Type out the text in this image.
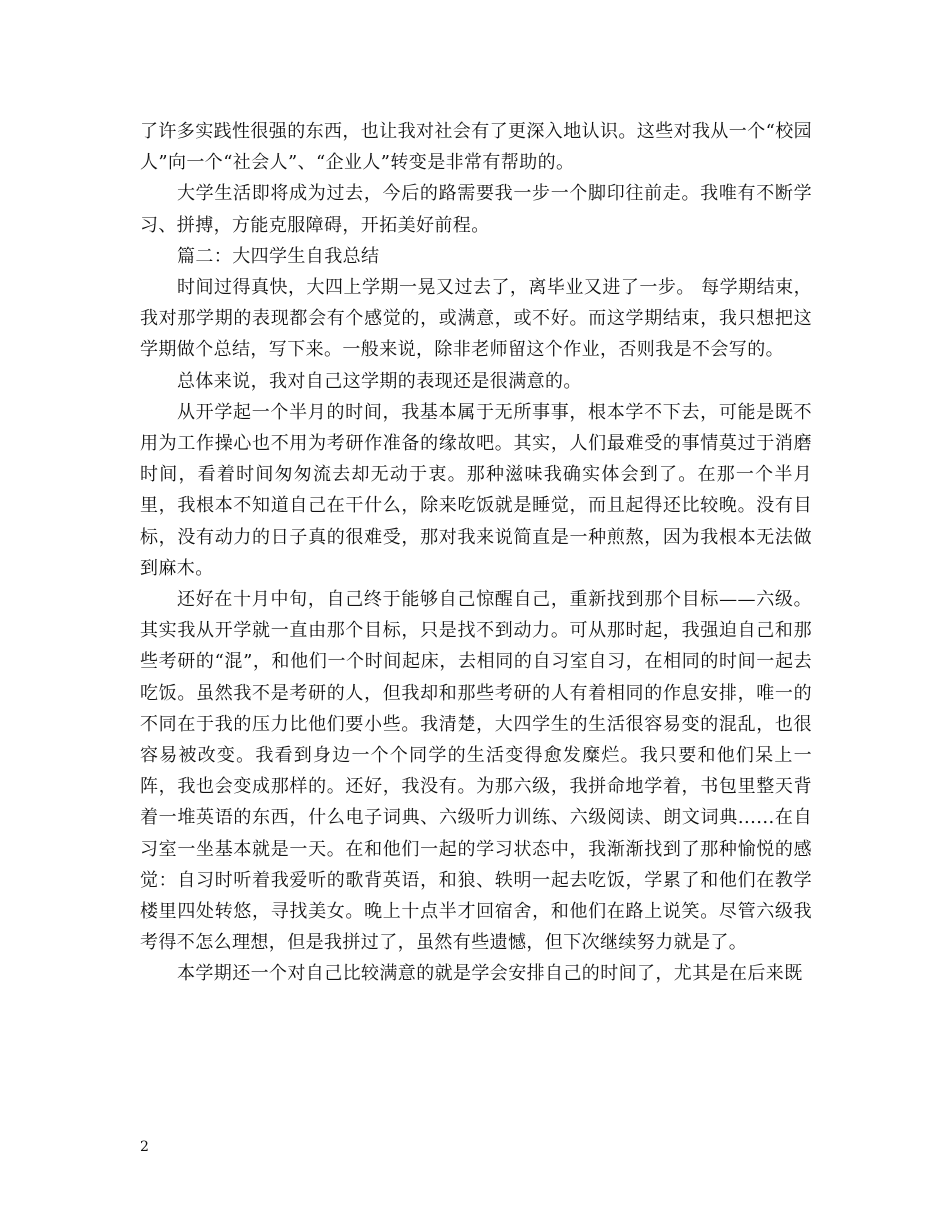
了许多实践性很强的东西，也让我对社会有了更深入地认识。这些对我从一个“校园人”向一个“社会人”、“企业人”转变是非常有帮助的。

大学生活即将成为过去，今后的路需要我一步一个脚印往前走。我唯有不断学习、拼搏，方能克服障碍，开拓美好前程。

篇二：大四学生自我总结

时间过得真快，大四上学期一晃又过去了，离毕业又进了一步。 每学期结束，我对那学期的表现都会有个感觉的，或满意，或不好。而这学期结束，我只想把这学期做个总结，写下来。一般来说，除非老师留这个作业，否则我是不会写的。

总体来说，我对自己这学期的表现还是很满意的。

从开学起一个半月的时间，我基本属于无所事事，根本学不下去，可能是既不用为工作操心也不用为考研作准备的缘故吧。其实，人们最难受的事情莫过于消磨时间，看着时间匆匆流去却无动于衷。那种滋味我确实体会到了。在那一个半月里，我根本不知道自己在干什么，除来吃饭就是睡觉，而且起得还比较晚。没有目标，没有动力的日子真的很难受，那对我来说简直是一种煎熬，因为我根本无法做到麻木。

还好在十月中旬，自己终于能够自己惊醒自己，重新找到那个目标——六级。其实我从开学就一直由那个目标，只是找不到动力。可从那时起，我强迫自己和那些考研的“混”，和他们一个时间起床，去相同的自习室自习，在相同的时间一起去吃饭。虽然我不是考研的人，但我却和那些考研的人有着相同的作息安排，唯一的不同在于我的压力比他们要小些。我清楚，大四学生的生活很容易变的混乱，也很容易被改变。我看到身边一个个同学的生活变得愈发糜烂。我只要和他们呆上一阵，我也会变成那样的。还好，我没有。为那六级，我拼命地学着，书包里整天背着一堆英语的东西，什么电子词典、六级听力训练、六级阅读、朗文词典......在自习室一坐基本就是一天。在和他们一起的学习状态中，我渐渐找到了那种愉悦的感觉：自习时听着我爱听的歌背英语，和狼、轶明一起去吃饭，学累了和他们在教学楼里四处转悠，寻找美女。晚上十点半才回宿舍，和他们在路上说笑。尽管六级我考得不怎么理想，但是我拼过了，虽然有些遗憾，但下次继续努力就是了。

本学期还一个对自己比较满意的就是学会安排自己的时间了，尤其是在后来既

2
